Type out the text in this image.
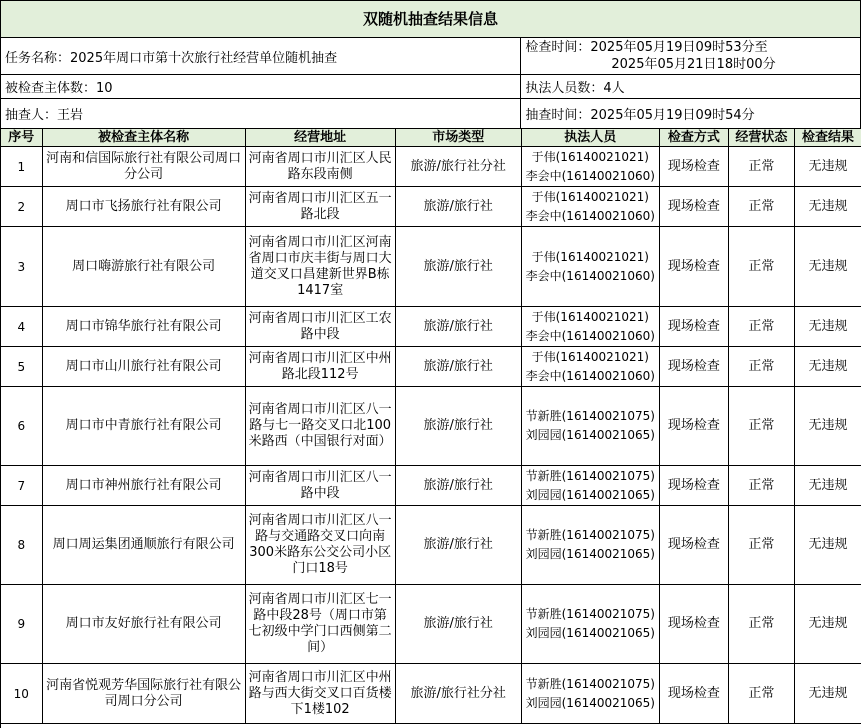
双随机抽查结果信息
任务名称：2025年周口市第十次旅行社经营单位随机抽查
检查时间：2025年05月19日09时53分至
2025年05月21日18时00分
被检查主体数：10	执法人员数：4人
抽查人：王岩	抽查时间：2025年05月19日09时54分
序号	被检查主体名称	经营地址	市场类型	执法人员	检查方式	经营状态	检查结果
1	河南和信国际旅行社有限公司周口分公司	河南省周口市川汇区人民路东段南侧	旅游/旅行社分社	于伟(16140021021)
李会中(16140021060)	现场检查	正常	无违规
2	周口市飞扬旅行社有限公司	河南省周口市川汇区五一路北段	旅游/旅行社	于伟(16140021021)
李会中(16140021060)	现场检查	正常	无违规
3	周口嗨游旅行社有限公司	河南省周口市川汇区河南省周口市庆丰街与周口大道交叉口昌建新世界B栋1417室	旅游/旅行社	于伟(16140021021)
李会中(16140021060)	现场检查	正常	无违规
4	周口市锦华旅行社有限公司	河南省周口市川汇区工农路中段	旅游/旅行社	于伟(16140021021)
李会中(16140021060)	现场检查	正常	无违规
5	周口市山川旅行社有限公司	河南省周口市川汇区中州路北段112号	旅游/旅行社	于伟(16140021021)
李会中(16140021060)	现场检查	正常	无违规
6	周口市中青旅行社有限公司	河南省周口市川汇区八一路与七一路交叉口北100米路西（中国银行对面）	旅游/旅行社	节新胜(16140021075)
刘园园(16140021065)	现场检查	正常	无违规
7	周口市神州旅行社有限公司	河南省周口市川汇区八一路中段	旅游/旅行社	节新胜(16140021075)
刘园园(16140021065)	现场检查	正常	无违规
8	周口周运集团通顺旅行有限公司	河南省周口市川汇区八一路与交通路交叉口向南300米路东公交公司小区门口18号	旅游/旅行社	节新胜(16140021075)
刘园园(16140021065)	现场检查	正常	无违规
9	周口市友好旅行社有限公司	河南省周口市川汇区七一路中段28号（周口市第七初级中学门口西侧第二间）	旅游/旅行社	节新胜(16140021075)
刘园园(16140021065)	现场检查	正常	无违规
10	河南省悦观芳华国际旅行社有限公司周口分公司	河南省周口市川汇区中州路与西大街交叉口百货楼下1楼102	旅游/旅行社分社	节新胜(16140021075)
刘园园(16140021065)	现场检查	正常	无违规
